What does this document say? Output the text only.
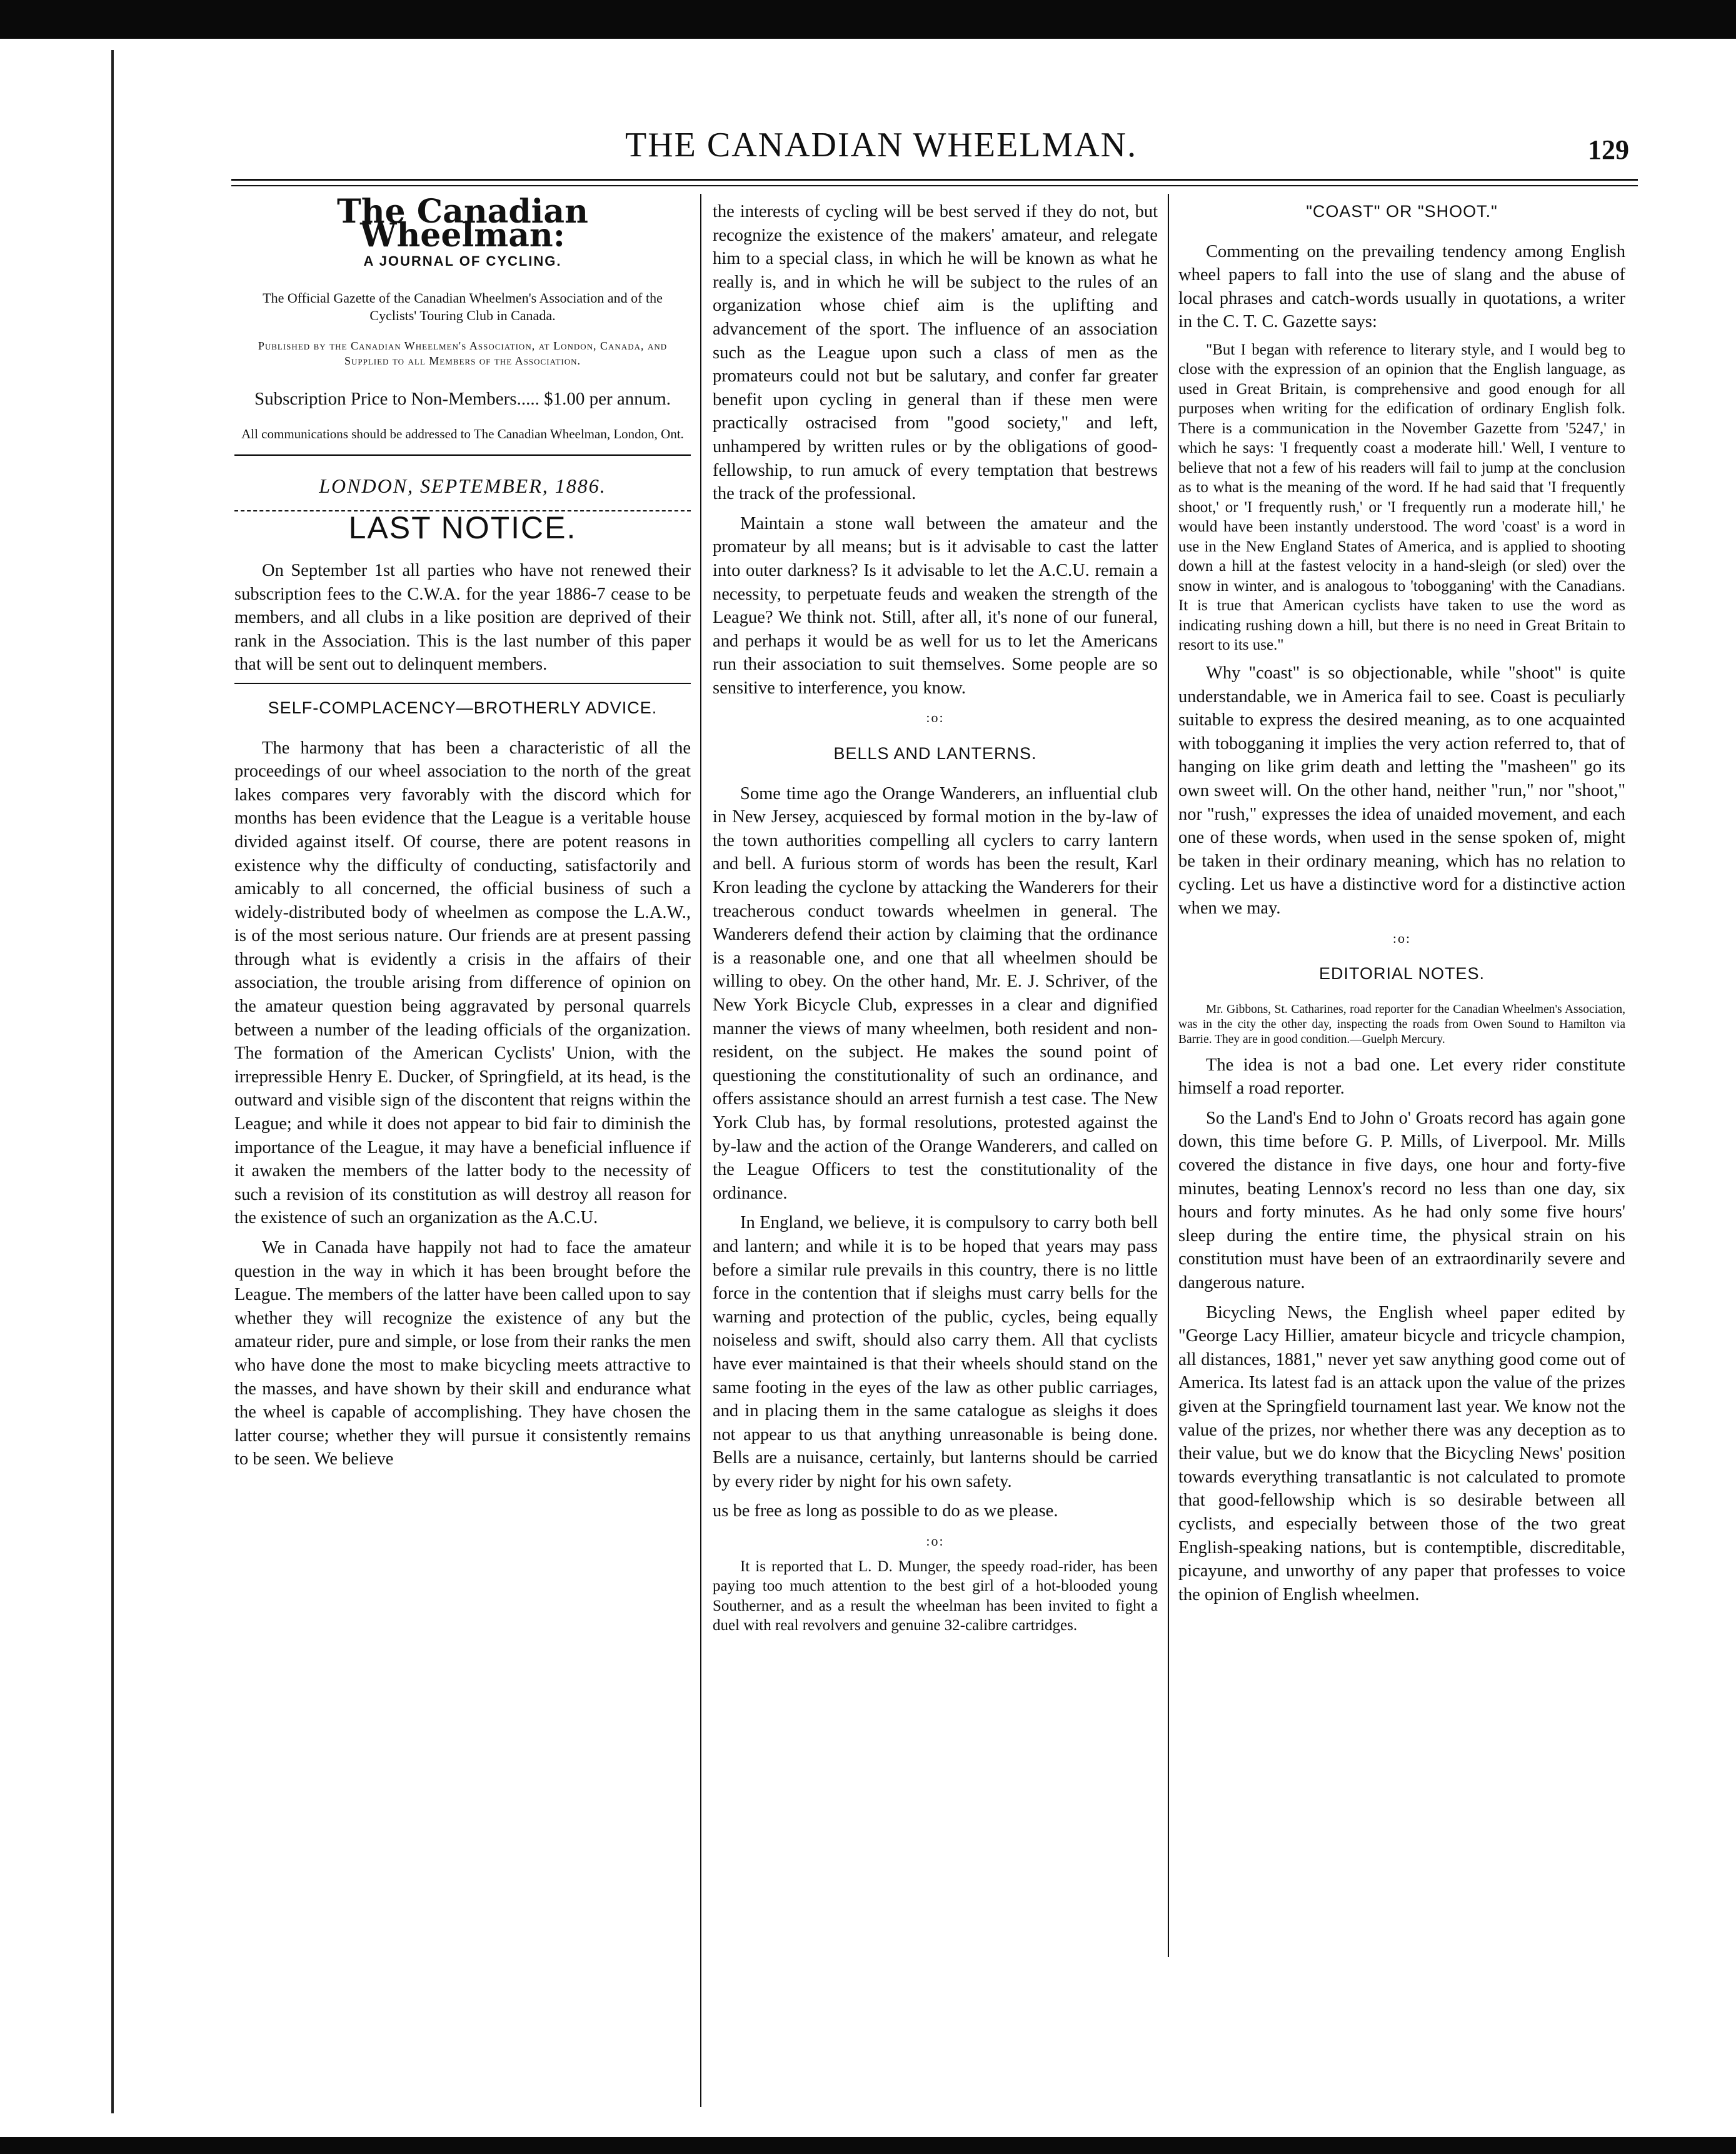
THE CANADIAN WHEELMAN.	129
The Canadian Wheelman:
A JOURNAL OF CYCLING.
The Official Gazette of the Canadian Wheelmen's Association and of the Cyclists' Touring Club in Canada.
Published by the Canadian Wheelmen's Association, at London, Canada, and Supplied to all Members of the Association.
Subscription Price to Non-Members..... $1.00 per annum.
All communications should be addressed to The Canadian Wheelman, London, Ont.
LONDON, SEPTEMBER, 1886.
LAST NOTICE.

On September 1st all parties who have not renewed their subscription fees to the C.W.A. for the year 1886-7 cease to be members, and all clubs in a like position are deprived of their rank in the Association. This is the last number of this paper that will be sent out to delinquent members.

SELF-COMPLACENCY—BROTHERLY ADVICE.

The harmony that has been a characteristic of all the proceedings of our wheel association to the north of the great lakes compares very favorably with the discord which for months has been evidence that the League is a veritable house divided against itself. Of course, there are potent reasons in existence why the difficulty of conducting, satisfactorily and amicably to all concerned, the official business of such a widely-distributed body of wheelmen as compose the L.A.W., is of the most serious nature. Our friends are at present passing through what is evidently a crisis in the affairs of their association, the trouble arising from difference of opinion on the amateur question being aggravated by personal quarrels between a number of the leading officials of the organization. The formation of the American Cyclists' Union, with the irrepressible Henry E. Ducker, of Springfield, at its head, is the outward and visible sign of the discontent that reigns within the League; and while it does not appear to bid fair to diminish the importance of the League, it may have a beneficial influence if it awaken the members of the latter body to the necessity of such a revision of its constitution as will destroy all reason for the existence of such an organization as the A.C.U.

We in Canada have happily not had to face the amateur question in the way in which it has been brought before the League. The members of the latter have been called upon to say whether they will recognize the existence of any but the amateur rider, pure and simple, or lose from their ranks the men who have done the most to make bicycling meets attractive to the masses, and have shown by their skill and endurance what the wheel is capable of accomplishing. They have chosen the latter course; whether they will pursue it consistently remains to be seen. We believe

the interests of cycling will be best served if they do not, but recognize the existence of the makers' amateur, and relegate him to a special class, in which he will be known as what he really is, and in which he will be subject to the rules of an organization whose chief aim is the uplifting and advancement of the sport. The influence of an association such as the League upon such a class of men as the promateurs could not but be salutary, and confer far greater benefit upon cycling in general than if these men were practically ostracised from "good society," and left, unhampered by written rules or by the obligations of good-fellowship, to run amuck of every temptation that bestrews the track of the professional.

Maintain a stone wall between the amateur and the promateur by all means; but is it advisable to cast the latter into outer darkness? Is it advisable to let the A.C.U. remain a necessity, to perpetuate feuds and weaken the strength of the League? We think not. Still, after all, it's none of our funeral, and perhaps it would be as well for us to let the Americans run their association to suit themselves. Some people are so sensitive to interference, you know.

:o:
BELLS AND LANTERNS.

Some time ago the Orange Wanderers, an influential club in New Jersey, acquiesced by formal motion in the by-law of the town authorities compelling all cyclers to carry lantern and bell. A furious storm of words has been the result, Karl Kron leading the cyclone by attacking the Wanderers for their treacherous conduct towards wheelmen in general. The Wanderers defend their action by claiming that the ordinance is a reasonable one, and one that all wheelmen should be willing to obey. On the other hand, Mr. E. J. Schriver, of the New York Bicycle Club, expresses in a clear and dignified manner the views of many wheelmen, both resident and non-resident, on the subject. He makes the sound point of questioning the constitutionality of such an ordinance, and offers assistance should an arrest furnish a test case. The New York Club has, by formal resolutions, protested against the by-law and the action of the Orange Wanderers, and called on the League Officers to test the constitutionality of the ordinance.

In England, we believe, it is compulsory to carry both bell and lantern; and while it is to be hoped that years may pass before a similar rule prevails in this country, there is no little force in the contention that if sleighs must carry bells for the warning and protection of the public, cycles, being equally noiseless and swift, should also carry them. All that cyclists have ever maintained is that their wheels should stand on the same footing in the eyes of the law as other public carriages, and in placing them in the same catalogue as sleighs it does not appear to us that anything unreasonable is being done. Bells are a nuisance, certainly, but lanterns should be carried by every rider by night for his own safety.

us be free as long as possible to do as we please.

:o:

It is reported that L. D. Munger, the speedy road-rider, has been paying too much attention to the best girl of a hot-blooded young Southerner, and as a result the wheelman has been invited to fight a duel with real revolvers and genuine 32-calibre cartridges.

"COAST" OR "SHOOT."

Commenting on the prevailing tendency among English wheel papers to fall into the use of slang and the abuse of local phrases and catch-words usually in quotations, a writer in the C. T. C. Gazette says:

"But I began with reference to literary style, and I would beg to close with the expression of an opinion that the English language, as used in Great Britain, is comprehensive and good enough for all purposes when writing for the edification of ordinary English folk. There is a communication in the November Gazette from '5247,' in which he says: 'I frequently coast a moderate hill.' Well, I venture to believe that not a few of his readers will fail to jump at the conclusion as to what is the meaning of the word. If he had said that 'I frequently shoot,' or 'I frequently rush,' or 'I frequently run a moderate hill,' he would have been instantly understood. The word 'coast' is a word in use in the New England States of America, and is applied to shooting down a hill at the fastest velocity in a hand-sleigh (or sled) over the snow in winter, and is analogous to 'tobogganing' with the Canadians. It is true that American cyclists have taken to use the word as indicating rushing down a hill, but there is no need in Great Britain to resort to its use."

Why "coast" is so objectionable, while "shoot" is quite understandable, we in America fail to see. Coast is peculiarly suitable to express the desired meaning, as to one acquainted with tobogganing it implies the very action referred to, that of hanging on like grim death and letting the "masheen" go its own sweet will. On the other hand, neither "run," nor "shoot," nor "rush," expresses the idea of unaided movement, and each one of these words, when used in the sense spoken of, might be taken in their ordinary meaning, which has no relation to cycling. Let us have a distinctive word for a distinctive action when we may.

:o:
EDITORIAL NOTES.

Mr. Gibbons, St. Catharines, road reporter for the Canadian Wheelmen's Association, was in the city the other day, inspecting the roads from Owen Sound to Hamilton via Barrie. They are in good condition.—Guelph Mercury.

The idea is not a bad one. Let every rider constitute himself a road reporter.

So the Land's End to John o' Groats record has again gone down, this time before G. P. Mills, of Liverpool. Mr. Mills covered the distance in five days, one hour and forty-five minutes, beating Lennox's record no less than one day, six hours and forty minutes. As he had only some five hours' sleep during the entire time, the physical strain on his constitution must have been of an extraordinarily severe and dangerous nature.

Bicycling News, the English wheel paper edited by "George Lacy Hillier, amateur bicycle and tricycle champion, all distances, 1881," never yet saw anything good come out of America. Its latest fad is an attack upon the value of the prizes given at the Springfield tournament last year. We know not the value of the prizes, nor whether there was any deception as to their value, but we do know that the Bicycling News' position towards everything transatlantic is not calculated to promote that good-fellowship which is so desirable between all cyclists, and especially between those of the two great English-speaking nations, but is contemptible, discreditable, picayune, and unworthy of any paper that professes to voice the opinion of English wheelmen.
